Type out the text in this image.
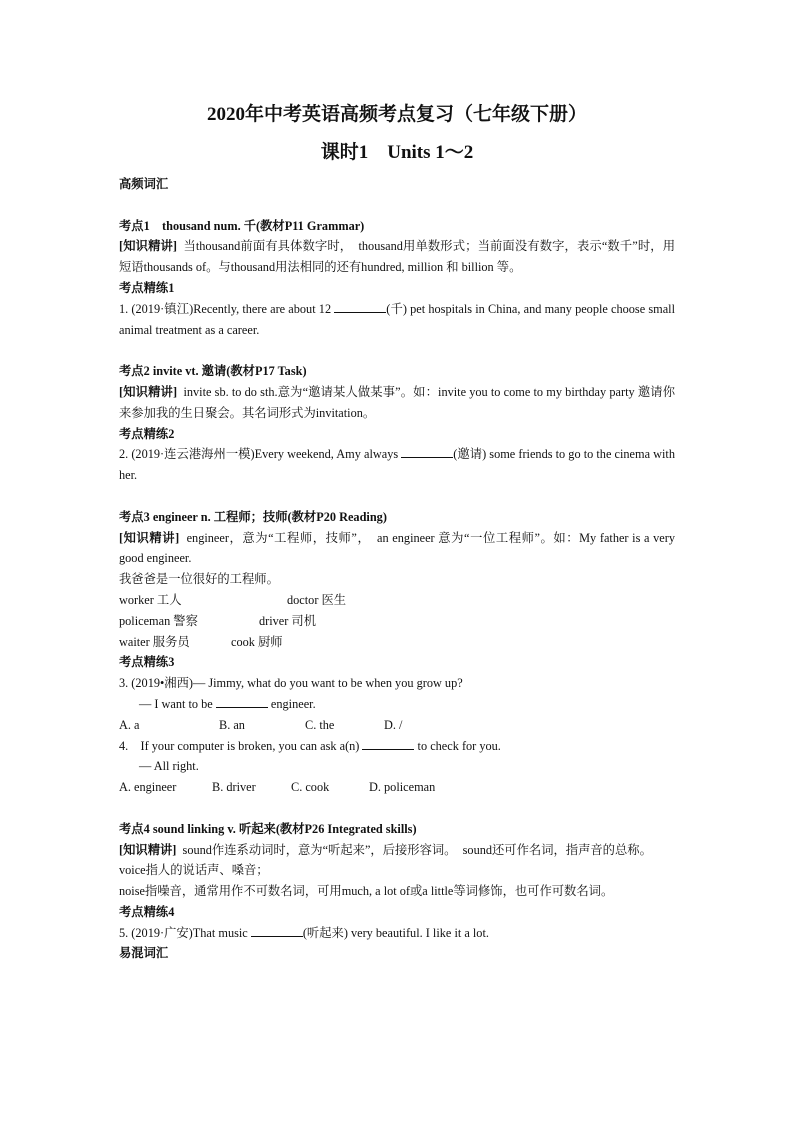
2020年中考英语高频考点复习（七年级下册）

课时1　Units 1～2

高频词汇

考点1　thousand num. 千(教材P11 Grammar)

[知识精讲] 当thousand前面有具体数字时，　thousand用单数形式；当前面没有数字，表示“数千”时，用短语thousands of。与thousand用法相同的还有hundred, million 和 billion 等。

考点精练1

1. (2019·镇江)Recently, there are about 12	(千) pet hospitals in China, and many people choose small animal treatment as a career.

考点2 invite vt. 邀请(教材P17 Task)

[知识精讲] invite sb. to do sth.意为“邀请某人做某事”。如：invite you to come to my birthday party 邀请你来参加我的生日聚会。其名词形式为invitation。

考点精练2

2. (2019·连云港海州一模)Every weekend, Amy always	(邀请) some friends to go to the cinema with her.

考点3 engineer n. 工程师；技师(教材P20 Reading)

[知识精讲] engineer，意为“工程师，技师”，　an engineer 意为“一位工程师”。如：My father is a very good engineer.

我爸爸是一位很好的工程师。

worker 工人	doctor 医生

policeman 警察	driver 司机

waiter 服务员	cook 厨师

考点精练3

3. (2019•湘西)— Jimmy, what do you want to be when you grow up?

— I want to be	engineer.

A. a	B. an	C. the	D. /

4.　If your computer is broken, you can ask a(n)	to check for you.

— All right.

A. engineer	B. driver	C. cook	D. policeman

考点4 sound linking v. 听起来(教材P26 Integrated skills)

[知识精讲] sound作连系动词时，意为“听起来”，后接形容词。　sound还可作名词，指声音的总称。

voice指人的说话声、嗓音；

noise指噪音，通常用作不可数名词，可用much, a lot of或a little等词修饰，也可作可数名词。

考点精练4

5. (2019·广安)That music	(听起来) very beautiful. I like it a lot.

易混词汇
